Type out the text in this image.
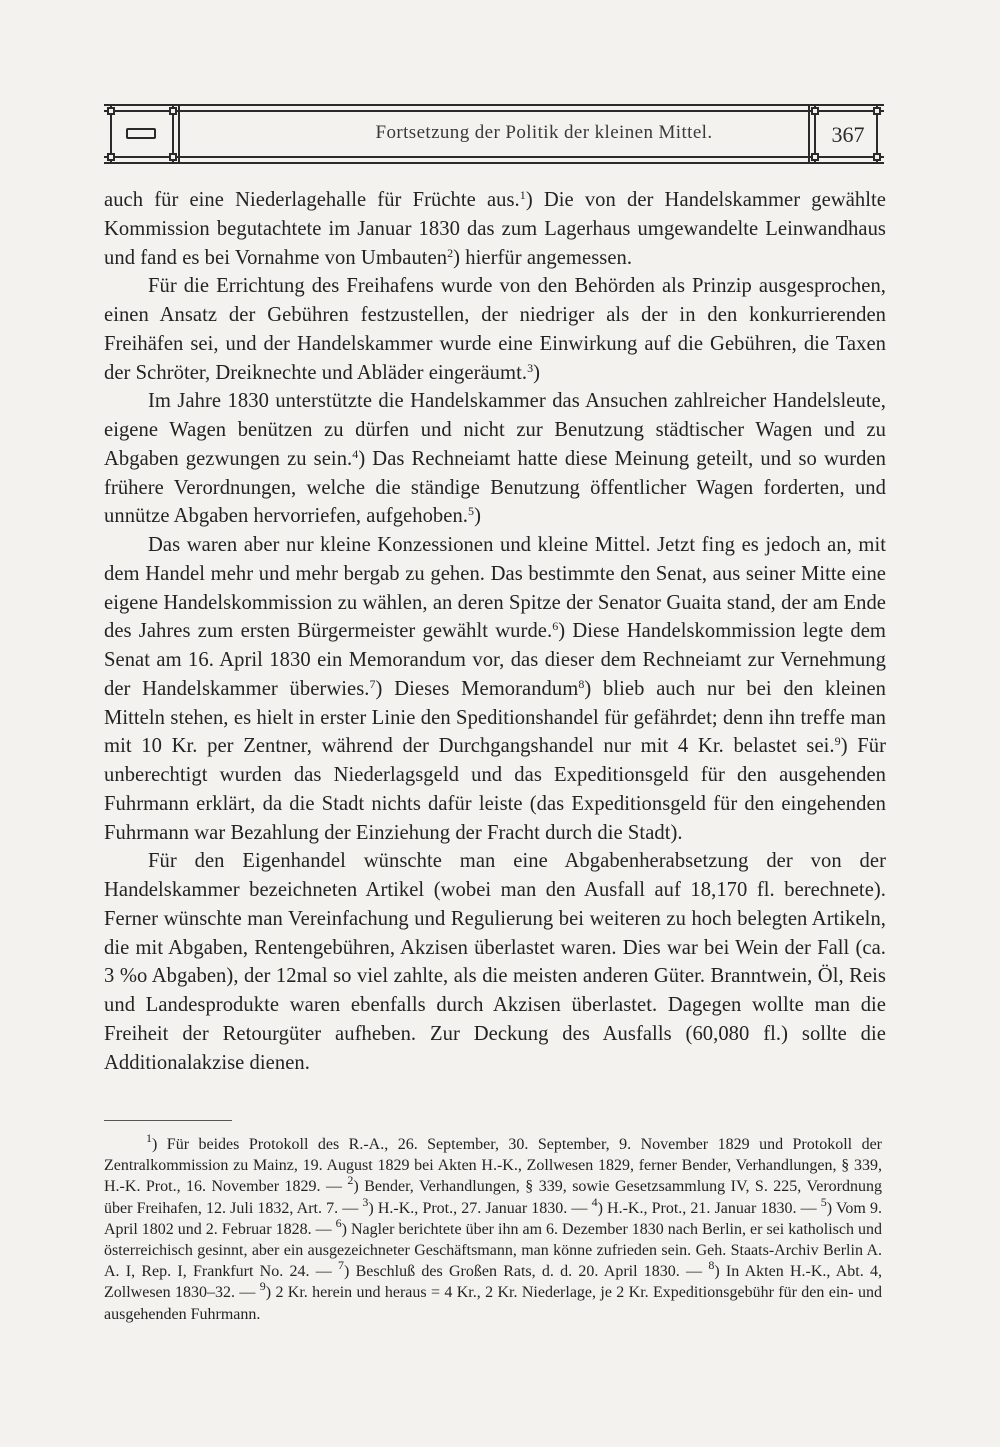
Fortsetzung der Politik der kleinen Mittel.	367

auch für eine Niederlagehalle für Früchte aus.$^1$) Die von der Handelskammer gewählte Kommission begutachtete im Januar 1830 das zum Lagerhaus umgewandelte Leinwandhaus und fand es bei Vornahme von Umbauten$^2$) hierfür angemessen.

Für die Errichtung des Freihafens wurde von den Behörden als Prinzip ausgesprochen, einen Ansatz der Gebühren festzustellen, der niedriger als der in den konkurrierenden Freihäfen sei, und der Handelskammer wurde eine Einwirkung auf die Gebühren, die Taxen der Schröter, Dreiknechte und Abläder eingeräumt.$^3$)

Im Jahre 1830 unterstützte die Handelskammer das Ansuchen zahlreicher Handelsleute, eigene Wagen benützen zu dürfen und nicht zur Benutzung städtischer Wagen und zu Abgaben gezwungen zu sein.$^4$) Das Rechneiamt hatte diese Meinung geteilt, und so wurden frühere Verordnungen, welche die ständige Benutzung öffentlicher Wagen forderten, und unnütze Abgaben hervorriefen, aufgehoben.$^5$)

Das waren aber nur kleine Konzessionen und kleine Mittel. Jetzt fing es jedoch an, mit dem Handel mehr und mehr bergab zu gehen. Das bestimmte den Senat, aus seiner Mitte eine eigene Handelskommission zu wählen, an deren Spitze der Senator Guaita stand, der am Ende des Jahres zum ersten Bürgermeister gewählt wurde.$^6$) Diese Handelskommission legte dem Senat am 16. April 1830 ein Memorandum vor, das dieser dem Rechneiamt zur Vernehmung der Handelskammer überwies.$^7$) Dieses Memorandum$^8$) blieb auch nur bei den kleinen Mitteln stehen, es hielt in erster Linie den Speditionshandel für gefährdet; denn ihn treffe man mit 10 Kr. per Zentner, während der Durchgangshandel nur mit 4 Kr. belastet sei.$^9$) Für unberechtigt wurden das Niederlagsgeld und das Expeditionsgeld für den ausgehenden Fuhrmann erklärt, da die Stadt nichts dafür leiste (das Expeditionsgeld für den eingehenden Fuhrmann war Bezahlung der Einziehung der Fracht durch die Stadt).

Für den Eigenhandel wünschte man eine Abgabenherabsetzung der von der Handelskammer bezeichneten Artikel (wobei man den Ausfall auf 18,170 fl. berechnete). Ferner wünschte man Vereinfachung und Regulierung bei weiteren zu hoch belegten Artikeln, die mit Abgaben, Rentengebühren, Akzisen überlastet waren. Dies war bei Wein der Fall (ca. 3 %o Abgaben), der 12mal so viel zahlte, als die meisten anderen Güter. Branntwein, Öl, Reis und Landesprodukte waren ebenfalls durch Akzisen überlastet. Dagegen wollte man die Freiheit der Retourgüter aufheben. Zur Deckung des Ausfalls (60,080 fl.) sollte die Additionalakzise dienen.

$^1$) Für beides Protokoll des R.-A., 26. September, 30. September, 9. November 1829 und Protokoll der Zentralkommission zu Mainz, 19. August 1829 bei Akten H.-K., Zollwesen 1829, ferner Bender, Verhandlungen, § 339, H.-K. Prot., 16. November 1829. — $^2$) Bender, Verhandlungen, § 339, sowie Gesetzsammlung IV, S. 225, Verordnung über Freihafen, 12. Juli 1832, Art. 7. — $^3$) H.-K., Prot., 27. Januar 1830. — $^4$) H.-K., Prot., 21. Januar 1830. — $^5$) Vom 9. April 1802 und 2. Februar 1828. — $^6$) Nagler berichtete über ihn am 6. Dezember 1830 nach Berlin, er sei katholisch und österreichisch gesinnt, aber ein ausgezeichneter Geschäftsmann, man könne zufrieden sein. Geh. Staats-Archiv Berlin A. A. I, Rep. I, Frankfurt No. 24. — $^7$) Beschluß des Großen Rats, d. d. 20. April 1830. — $^8$) In Akten H.-K., Abt. 4, Zollwesen 1830–32. — $^9$) 2 Kr. herein und heraus = 4 Kr., 2 Kr. Niederlage, je 2 Kr. Expeditionsgebühr für den ein- und ausgehenden Fuhrmann.
